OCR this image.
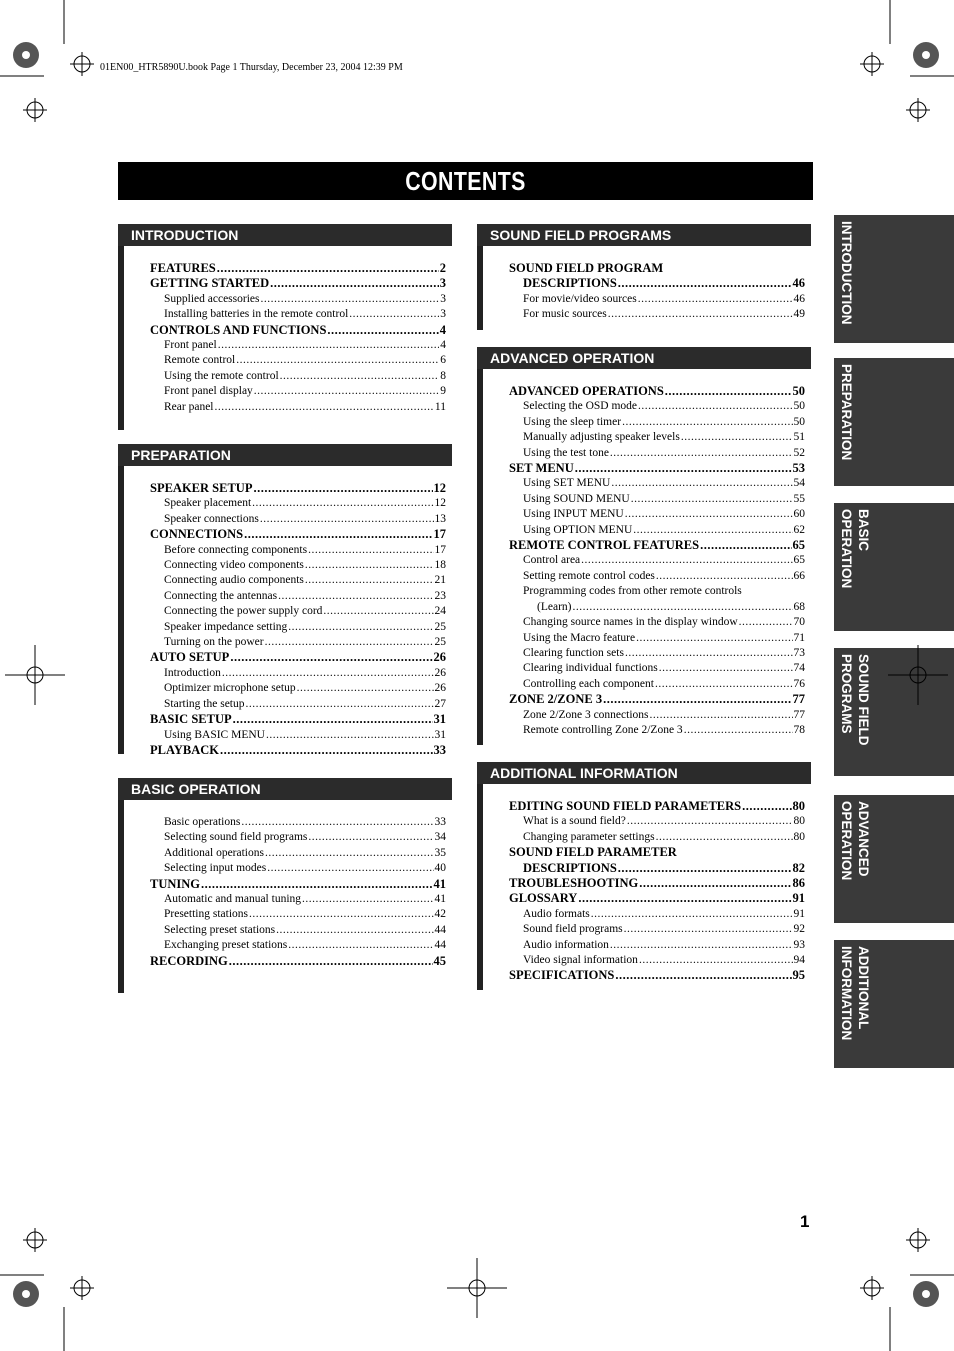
01EN00_HTR5890U.book Page 1 Thursday, December 23, 2004 12:39 PM
CONTENTS
INTRODUCTION
FEATURES .....	2
GETTING STARTED .....	3
Supplied accessories .....	3
Installing batteries in the remote control .....	3
CONTROLS AND FUNCTIONS .....	4
Front panel .....	4
Remote control .....	6
Using the remote control .....	8
Front panel display .....	9
Rear panel .....	11
PREPARATION
SPEAKER SETUP .....	12
Speaker placement .....	12
Speaker connections .....	13
CONNECTIONS .....	17
Before connecting components .....	17
Connecting video components .....	18
Connecting audio components .....	21
Connecting the antennas .....	23
Connecting the power supply cord .....	24
Speaker impedance setting .....	25
Turning on the power .....	25
AUTO SETUP .....	26
Introduction .....	26
Optimizer microphone setup .....	26
Starting the setup .....	27
BASIC SETUP .....	31
Using BASIC MENU .....	31
PLAYBACK .....	33
BASIC OPERATION
Basic operations .....	33
Selecting sound field programs .....	34
Additional operations .....	35
Selecting input modes .....	40
TUNING .....	41
Automatic and manual tuning .....	41
Presetting stations .....	42
Selecting preset stations .....	44
Exchanging preset stations .....	44
RECORDING .....	45
SOUND FIELD PROGRAMS
SOUND FIELD PROGRAM
DESCRIPTIONS .....	46
For movie/video sources .....	46
For music sources .....	49
ADVANCED OPERATION
ADVANCED OPERATIONS .....	50
Selecting the OSD mode .....	50
Using the sleep timer .....	50
Manually adjusting speaker levels .....	51
Using the test tone .....	52
SET MENU .....	53
Using SET MENU .....	54
Using SOUND MENU .....	55
Using INPUT MENU .....	60
Using OPTION MENU .....	62
REMOTE CONTROL FEATURES .....	65
Control area .....	65
Setting remote control codes .....	66
Programming codes from other remote controls
(Learn) .....	68
Changing source names in the display window .....	70
Using the Macro feature .....	71
Clearing function sets .....	73
Clearing individual functions .....	74
Controlling each component .....	76
ZONE 2/ZONE 3 .....	77
Zone 2/Zone 3 connections .....	77
Remote controlling Zone 2/Zone 3 .....	78
ADDITIONAL INFORMATION
EDITING SOUND FIELD PARAMETERS .....	80
What is a sound field? .....	80
Changing parameter settings .....	80
SOUND FIELD PARAMETER
DESCRIPTIONS .....	82
TROUBLESHOOTING .....	86
GLOSSARY .....	91
Audio formats .....	91
Sound field programs .....	92
Audio information .....	93
Video signal information .....	94
SPECIFICATIONS .....	95
INTRODUCTION
PREPARATION
BASIC
OPERATION
SOUND FIELD
PROGRAMS
ADVANCED
OPERATION
ADDITIONAL
INFORMATION
1
